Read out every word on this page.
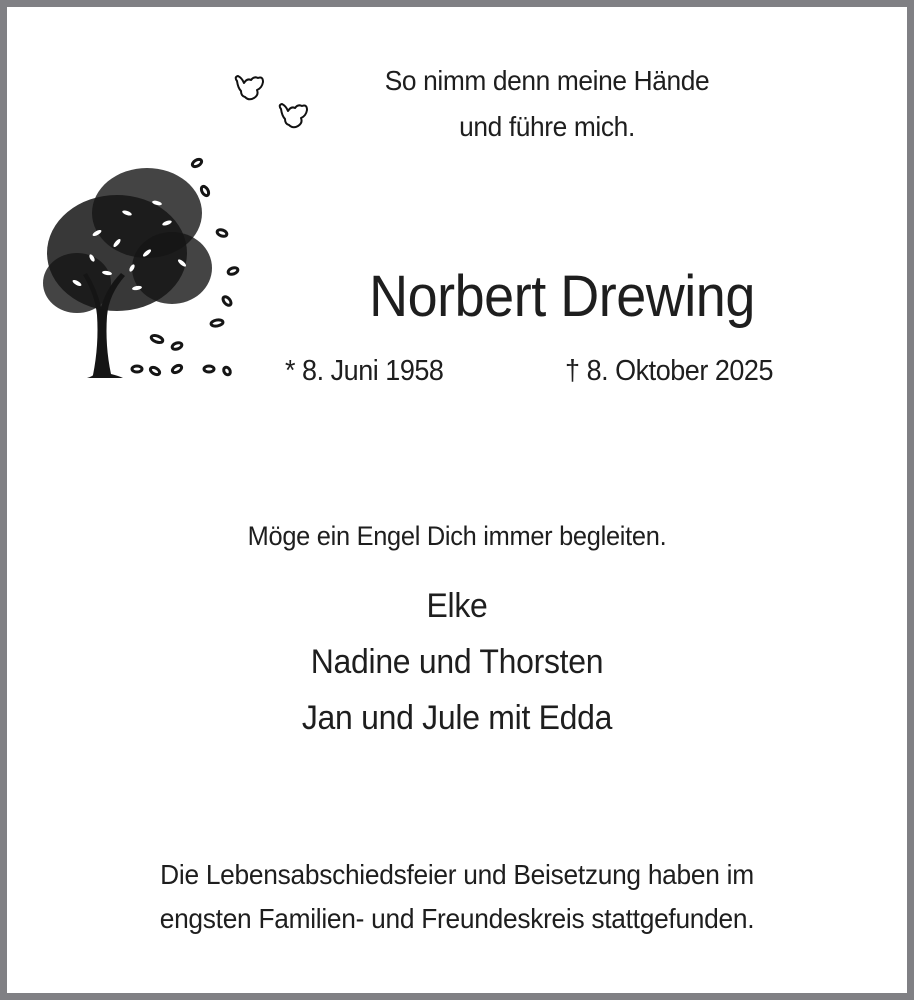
So nimm denn meine Hände
und führe mich.
Norbert Drewing
* 8. Juni 1958	† 8. Oktober 2025
Möge ein Engel Dich immer begleiten.
Elke
Nadine und Thorsten
Jan und Jule mit Edda
Die Lebensabschiedsfeier und Beisetzung haben im
engsten Familien- und Freundeskreis stattgefunden.
